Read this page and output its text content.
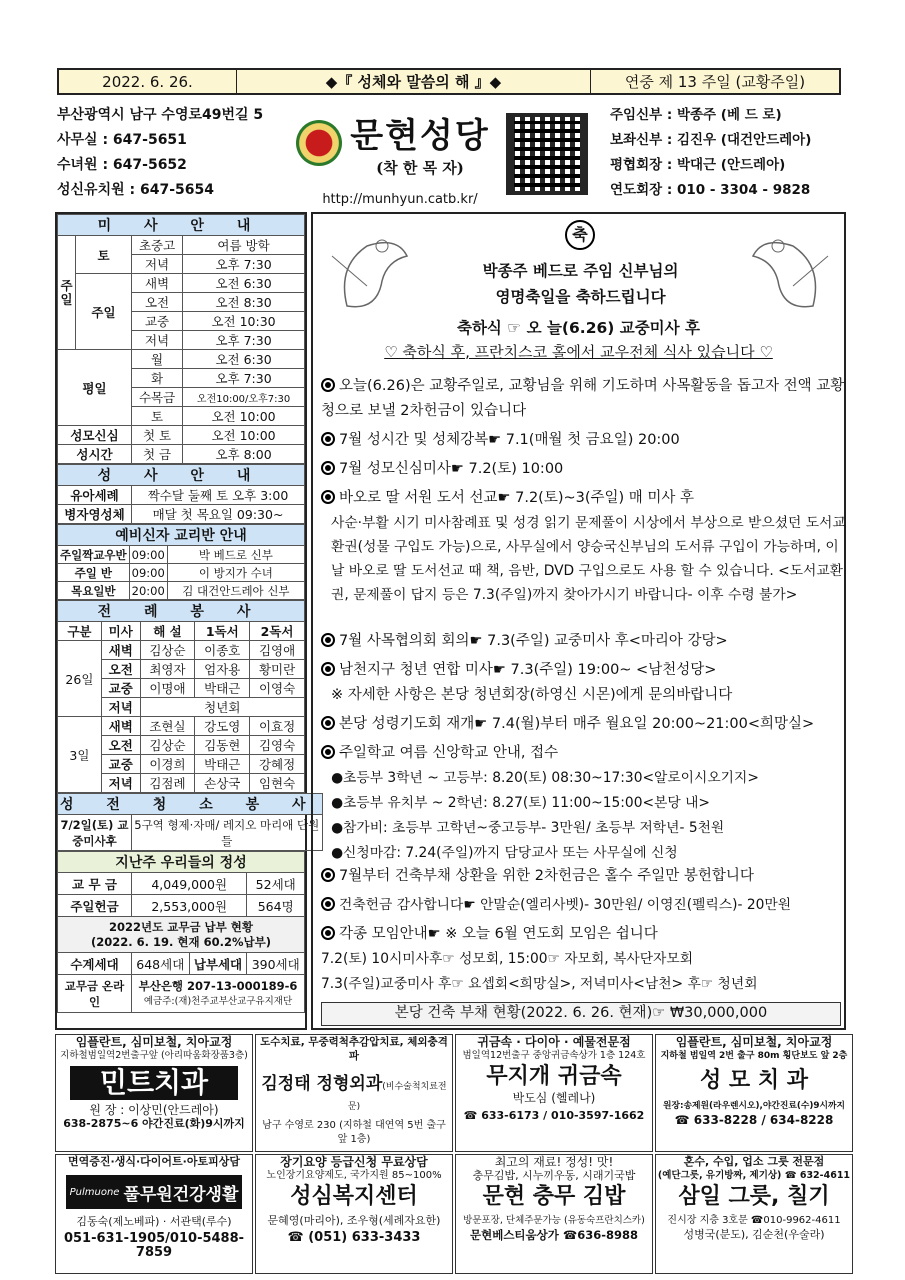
2022. 6. 26.	◆『 성체와 말씀의 해 』◆	연중 제 13 주일 (교황주일)
부산광역시 남구 수영로49번길 5
사무실 : 647-5651
수녀원 : 647-5652
성신유치원 : 647-5654
문현성당
(착 한 목 자)
http://munhyun.catb.kr/
주임신부 : 박종주 (베 드 로)
보좌신부 : 김진우 (대건안드레아)
평협회장 : 박대근 (안드레아)
연도회장 : 010 - 3304 - 9828
미 사 안 내			
주일	토	초중고	여름 방학
		저녁	오후 7:30
	주일	새벽	오전 6:30
		오전	오전 8:30
		교중	오전 10:30
		저녁	오후 7:30
평일		월	오전 6:30
		화	오후 7:30
		수목금	오전10:00/오후7:30
		토	오전 10:00
성모신심		첫 토	오전 10:00
성시간		첫 금	오후 8:00
성 사 안 내	
유아세례	짝수달 둘째 토 오후 3:00
병자영성체	매달 첫 목요일 09:30~
예비신자 교리반 안내		
주일짝교우반	09:00	박 베드로 신부
주일 반	09:00	이 방지가 수녀
목요일반	20:00	김 대건안드레아 신부
전 례 봉 사				
구분	미사	해 설	1독서	2독서
26일	새벽	김상순	이종호	김영애
	오전	최영자	엄자용	황미란
	교중	이명애	박태근	이영숙
	저녁	청년회		
3일	새벽	조현실	강도영	이효정
	오전	김상순	김동현	김영숙
	교중	이경희	박태근	강혜정
	저녁	김점례	손상국	임현숙
성 전 청 소 봉 사
7/2일(토) 교중미사후	5구역 형제·자매/ 레지오 마리애 단원들
지난주 우리들의 정성			
교 무 금	4,049,000원		52세대
주일헌금	2,553,000원		564명

2022년도 교무금 납부 현황
(2022. 6. 19. 현재 60.2%납부)			

수계세대	648세대	납부세대	390세대
교무금 온라인	부산은행 207-13-000189-6
예금주:(재)천주교부산교구유지재단		
축
박종주 베드로 주임 신부님의
영명축일을 축하드립니다
축하식 ☞ 오 늘(6.26) 교중미사 후
♡ 축하식 후, 프란치스코 홀에서 교우전체 식사 있습니다 ♡
오늘(6.26)은 교황주일로, 교황님을 위해 기도하며 사목활동을 돕고자 전액 교황청으로 보낼 2차헌금이 있습니다
7월 성시간 및 성체강복☛ 7.1(매월 첫 금요일) 20:00
7월 성모신심미사☛ 7.2(토) 10:00
바오로 딸 서원 도서 선교☛ 7.2(토)~3(주일) 매 미사 후
사순·부활 시기 미사참례표 및 성경 읽기 문제풀이 시상에서 부상으로 받으셨던 도서교환권(성물 구입도 가능)으로, 사무실에서 양승국신부님의 도서류 구입이 가능하며, 이 날 바오로 딸 도서선교 때 책, 음반, DVD 구입으로도 사용 할 수 있습니다. <도서교환권, 문제풀이 답지 등은 7.3(주일)까지 찾아가시기 바랍니다- 이후 수령 불가>
7월 사목협의회 회의☛ 7.3(주일) 교중미사 후<마리아 강당>
남천지구 청년 연합 미사☛ 7.3(주일) 19:00~ <남천성당>
※ 자세한 사항은 본당 청년회장(하영신 시몬)에게 문의바랍니다
본당 성령기도회 재개☛ 7.4(월)부터 매주 월요일 20:00~21:00<희망실>
주일학교 여름 신앙학교 안내, 접수
●초등부 3학년 ~ 고등부: 8.20(토) 08:30~17:30<알로이시오기지>
●초등부 유치부 ~ 2학년: 8.27(토) 11:00~15:00<본당 내>
●참가비: 초등부 고학년~중고등부- 3만원/ 초등부 저학년- 5천원
●신청마감: 7.24(주일)까지 담당교사 또는 사무실에 신청
7월부터 건축부채 상환을 위한 2차헌금은 홀수 주일만 봉헌합니다
건축헌금 감사합니다☛ 안말순(엘리사벳)- 30만원/ 이영진(펠릭스)- 20만원
각종 모임안내☛ ※ 오늘 6월 연도회 모임은 쉽니다
7.2(토) 10시미사후☞ 성모회, 15:00☞ 자모회, 복사단자모회
7.3(주일)교중미사 후☞ 요셉회<희망실>, 저녁미사<남천> 후☞ 청년회
본당 건축 부채 현황(2022. 6. 26. 현재)☞ ₩30,000,000
임플란트, 심미보철, 치아교정
지하철범일역2번출구앞 (아리따움화장품3층)
민트치과
원 장 : 이상민(안드레아)
638-2875~6 야간진료(화)9시까지
도수치료, 무중력척추감압치료, 체외충격파
김정태 정형외과(비수술척치료전문)
남구 수영로 230 (지하철 대연역 5번 출구 앞 1층)
귀금속 · 다이아 · 예물전문점
범일역12번출구 중앙귀금속상가 1층 124호
무지개 귀금속
박도심 (헬레나)
☎ 633-6173 / 010-3597-1662
임플란트, 심미보철, 치아교정
지하철 범일역 2번 출구 80m 횡단보도 앞 2층
성 모 치 과
원장:송제원(라우렌시오),야간진료(수)9시까지
☎ 633-8228 / 634-8228
면역증진·생식·다이어트·아토피상담
Pulmuone 풀무원건강생활
김동숙(제노베파) · 서관택(루수)
051-631-1905/010-5488-7859
장기요양 등급신청 무료상담
노인장기요양제도, 국가지원 85~100%
성심복지센터
문혜영(마리아), 조우형(세례자요한)
☎ (051) 633-3433
최고의 재료! 정성! 맛!
충무김밥, 시누끼우동, 시래기국밥
문현 충무 김밥
방문포장, 단체주문가능 (유동숙프란치스카)
문현베스티움상가 ☎636-8988
혼수, 수입, 업소 그릇 전문점
(예단그릇, 유기방짜, 제기상) ☎ 632-4611
삼일 그릇, 칠기
진시장 지층 3호문 ☎010-9962-4611
성병국(분도), 김순천(우술라)
